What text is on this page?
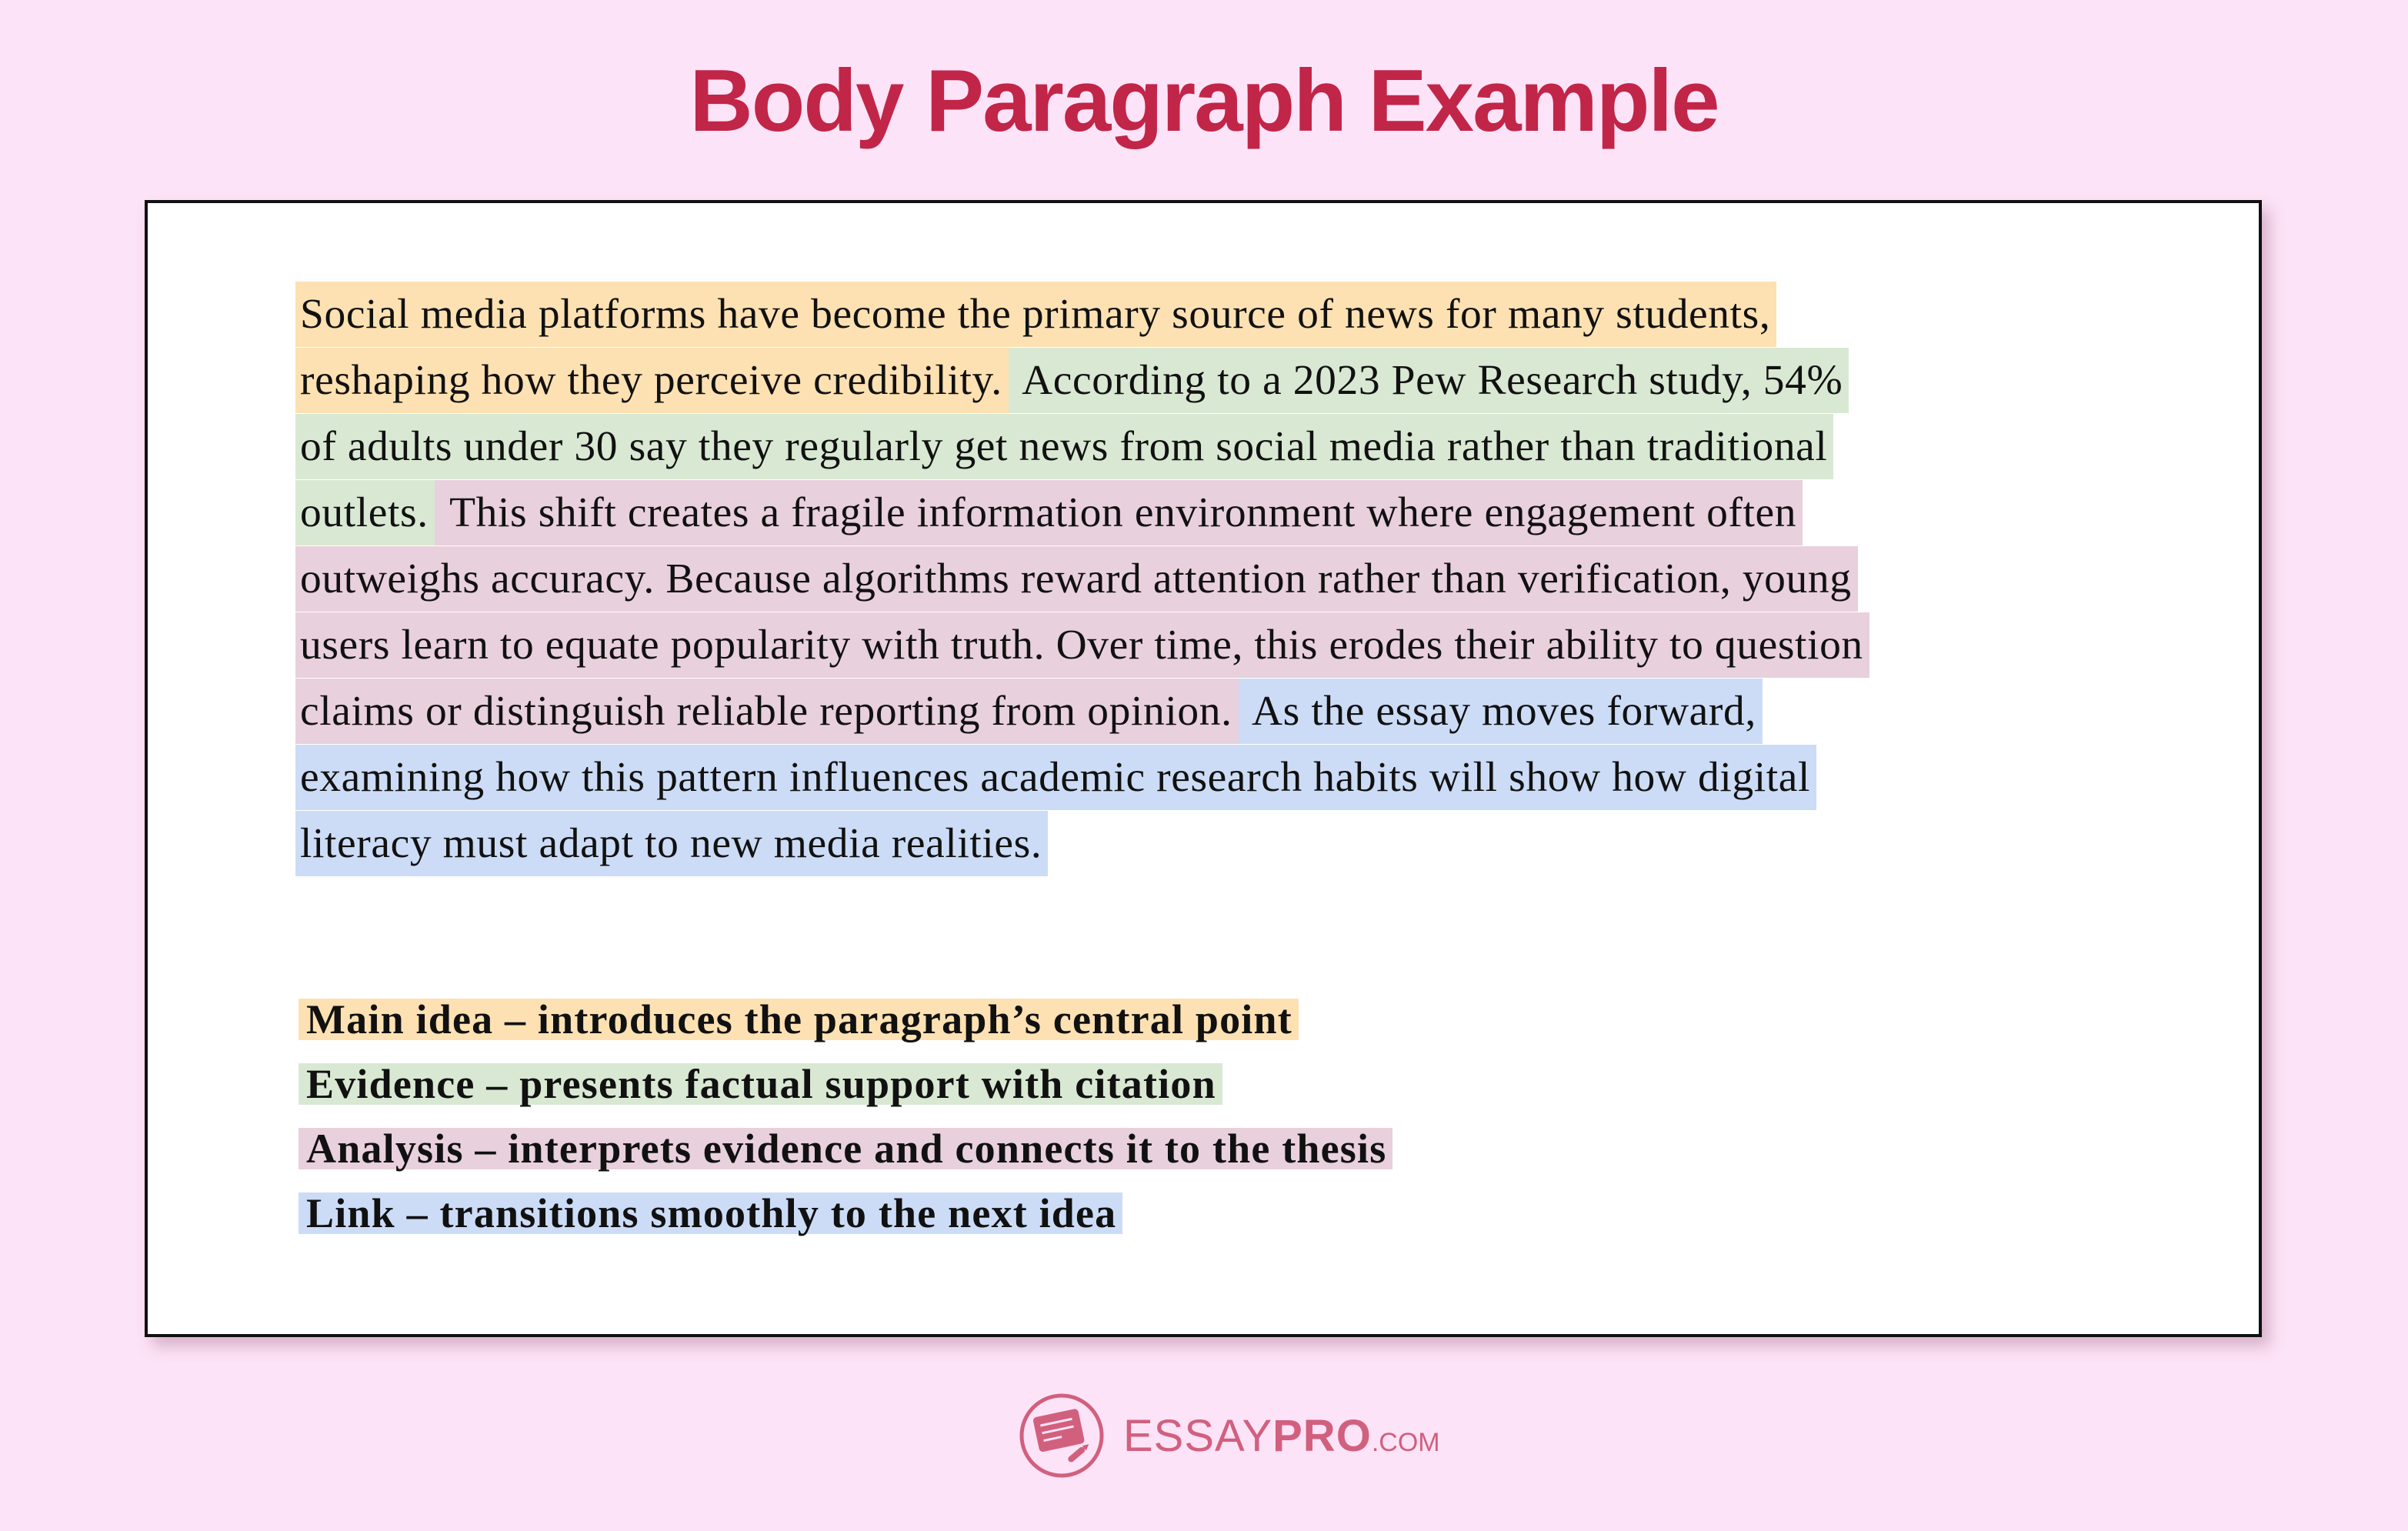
Body Paragraph Example
Social media platforms have become the primary source of news for many students,
reshaping how they perceive credibility. According to a 2023 Pew Research study, 54%
of adults under 30 say they regularly get news from social media rather than traditional
outlets. This shift creates a fragile information environment where engagement often
outweighs accuracy. Because algorithms reward attention rather than verification, young
users learn to equate popularity with truth. Over time, this erodes their ability to question
claims or distinguish reliable reporting from opinion. As the essay moves forward,
examining how this pattern influences academic research habits will show how digital
literacy must adapt to new media realities.
Main idea – introduces the paragraph’s central point
Evidence – presents factual support with citation
Analysis – interprets evidence and connects it to the thesis
Link – transitions smoothly to the next idea
ESSAY PRO .COM
